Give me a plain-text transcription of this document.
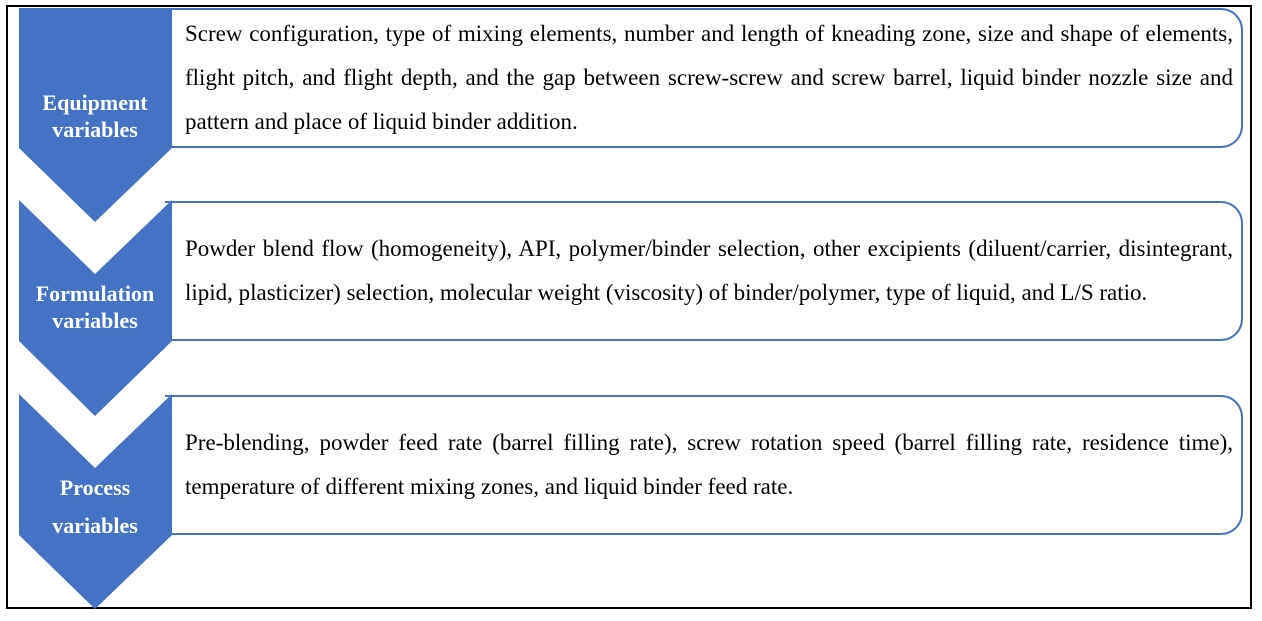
Screw configuration, type of mixing elements, number and length of kneading zone, size and shape of elements, flight pitch, and flight depth, and the gap between screw-screw and screw barrel, liquid binder nozzle size and pattern and place of liquid binder addition.
Powder blend flow (homogeneity), API, polymer/binder selection, other excipients (diluent/carrier, disintegrant, lipid, plasticizer) selection, molecular weight (viscosity) of binder/polymer, type of liquid, and L/S ratio.
Pre-blending, powder feed rate (barrel filling rate), screw rotation speed (barrel filling rate, residence time), temperature of different mixing zones, and liquid binder feed rate.
Equipment
variables
Formulation
variables
Process
variables
